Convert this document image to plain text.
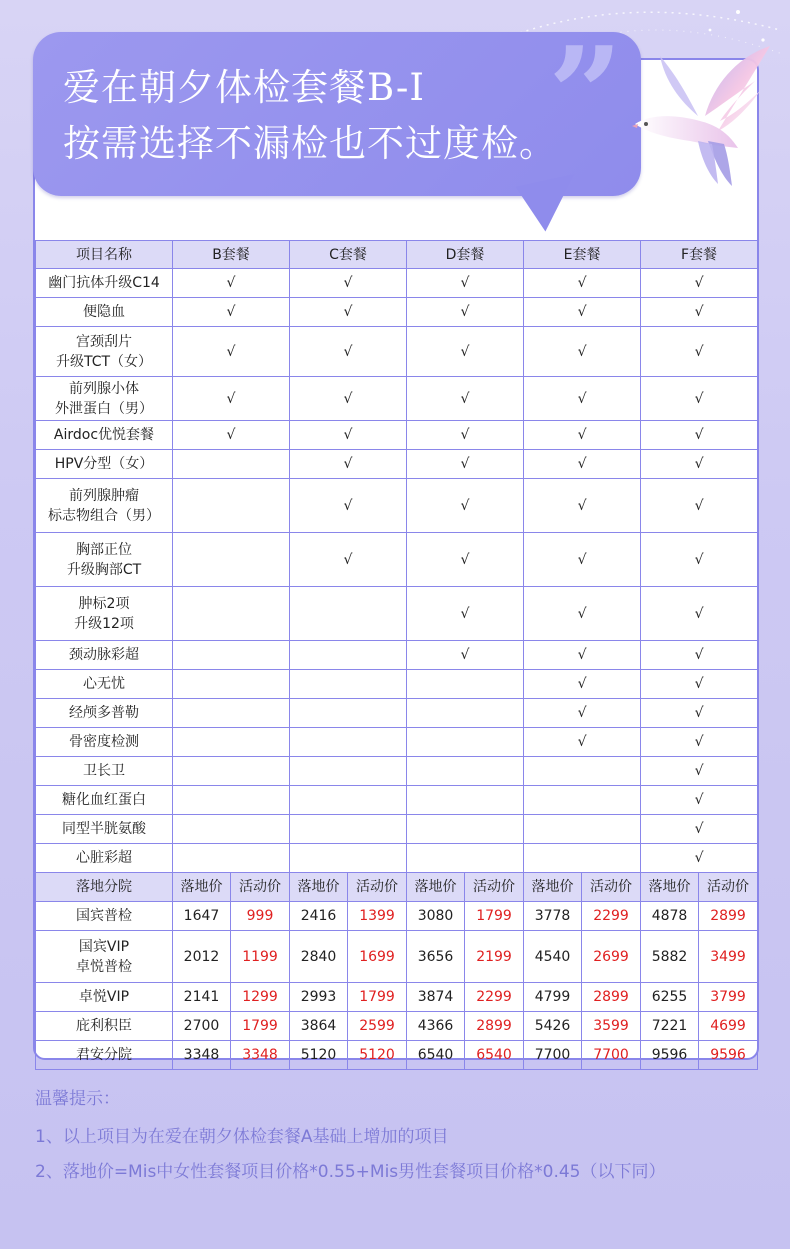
”
爱在朝夕体检套餐B-I
按需选择不漏检也不过度检。
项目名称	B套餐		C套餐		D套餐		E套餐		F套餐	

幽门抗体升级C14	√		√		√		√		√	

便隐血	√		√		√		√		√	

宫颈刮片
升级TCT（女）	√		√		√		√		√	

前列腺小体
外泄蛋白（男）	√		√		√		√		√	

Airdoc优悦套餐	√		√		√		√		√	

HPV分型（女）			√		√		√		√	

前列腺肿瘤
标志物组合（男）			√		√		√		√	

胸部正位
升级胸部CT			√		√		√		√	

肿标2项
升级12项					√		√		√	

颈动脉彩超					√		√		√	

心无忧							√		√	

经颅多普勒							√		√	

骨密度检测							√		√	

卫长卫									√	

糖化血红蛋白									√	

同型半胱氨酸									√	

心脏彩超									√	
落地分院	落地价	活动价	落地价	活动价	落地价	活动价	落地价	活动价	落地价	活动价

国宾普检	1647	999	2416	1399	3080	1799	3778	2299	4878	2899

国宾VIP
卓悦普检	2012	1199	2840	1699	3656	2199	4540	2699	5882	3499

卓悦VIP	2141	1299	2993	1799	3874	2299	4799	2899	6255	3799

庇利积臣	2700	1799	3864	2599	4366	2899	5426	3599	7221	4699

君安分院	3348	3348	5120	5120	6540	6540	7700	7700	9596	9596
温馨提示：
1、以上项目为在爱在朝夕体检套餐A基础上增加的项目
2、落地价=Mis中女性套餐项目价格*0.55+Mis男性套餐项目价格*0.45（以下同）
